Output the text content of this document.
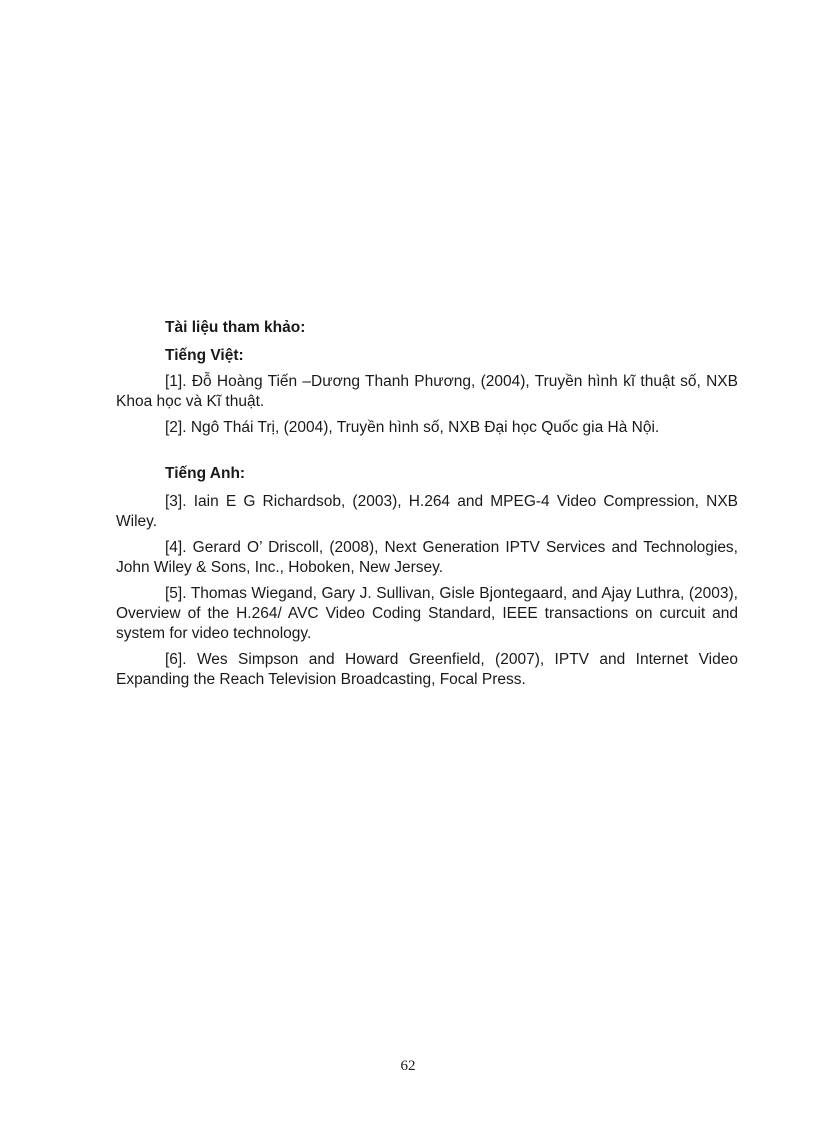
Tài liệu tham khảo:

Tiếng Việt:

[1]. Đỗ Hoàng Tiến –Dương Thanh Phương, (2004), Truyền hình kĩ thuật số, NXB Khoa học và Kĩ thuật.

[2]. Ngô Thái Trị, (2004), Truyền hình số, NXB Đại học Quốc gia Hà Nội.

Tiếng Anh:

[3]. Iain E G Richardsob, (2003), H.264 and MPEG-4 Video Compression, NXB Wiley.

[4]. Gerard O’ Driscoll, (2008), Next Generation IPTV Services and Technologies, John Wiley & Sons, Inc., Hoboken, New Jersey.

[5]. Thomas Wiegand, Gary J. Sullivan, Gisle Bjontegaard, and Ajay Luthra, (2003), Overview of the H.264/ AVC Video Coding Standard, IEEE transactions on curcuit and system for video technology.

[6]. Wes Simpson and Howard Greenfield, (2007), IPTV and Internet Video Expanding the Reach Television Broadcasting, Focal Press.

62
